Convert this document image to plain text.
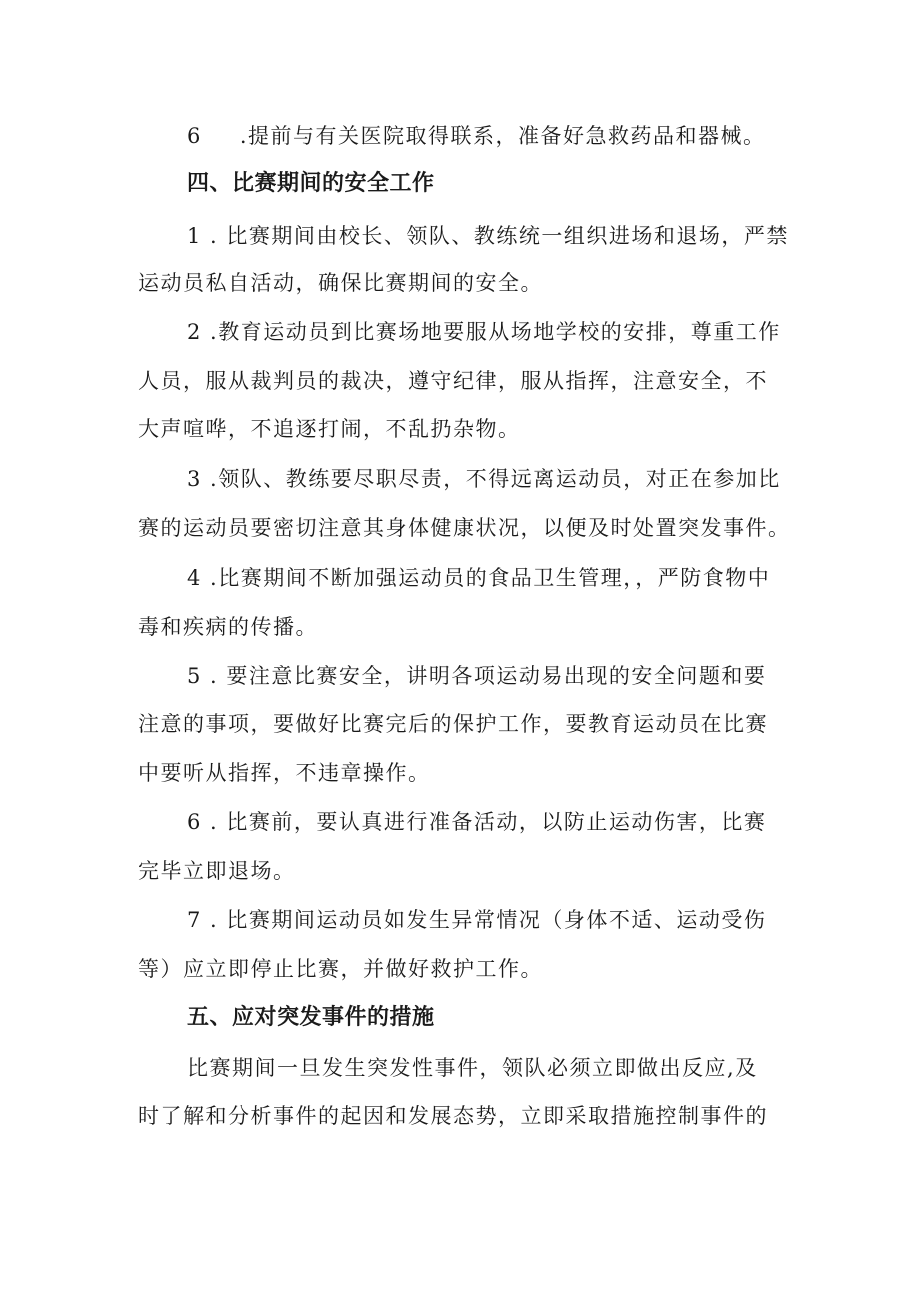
6 .提前与有关医院取得联系，准备好急救药品和器械。
四、比赛期间的安全工作
1 . 比赛期间由校长、领队、教练统一组织进场和退场，严禁
运动员私自活动，确保比赛期间的安全。
2 .教育运动员到比赛场地要服从场地学校的安排，尊重工作
人员，服从裁判员的裁决，遵守纪律，服从指挥，注意安全，不
大声喧哗，不追逐打闹，不乱扔杂物。
3 .领队、教练要尽职尽责，不得远离运动员，对正在参加比
赛的运动员要密切注意其身体健康状况，以便及时处置突发事件。
4 .比赛期间不断加强运动员的食品卫生管理，，严防食物中
毒和疾病的传播。
5 . 要注意比赛安全，讲明各项运动易出现的安全问题和要
注意的事项，要做好比赛完后的保护工作，要教育运动员在比赛
中要听从指挥，不违章操作。
6 . 比赛前，要认真进行准备活动，以防止运动伤害，比赛
完毕立即退场。
7 . 比赛期间运动员如发生异常情况（身体不适、运动受伤
等）应立即停止比赛，并做好救护工作。
五、应对突发事件的措施
比赛期间一旦发生突发性事件，领队必须立即做出反应,及
时了解和分析事件的起因和发展态势，立即采取措施控制事件的
